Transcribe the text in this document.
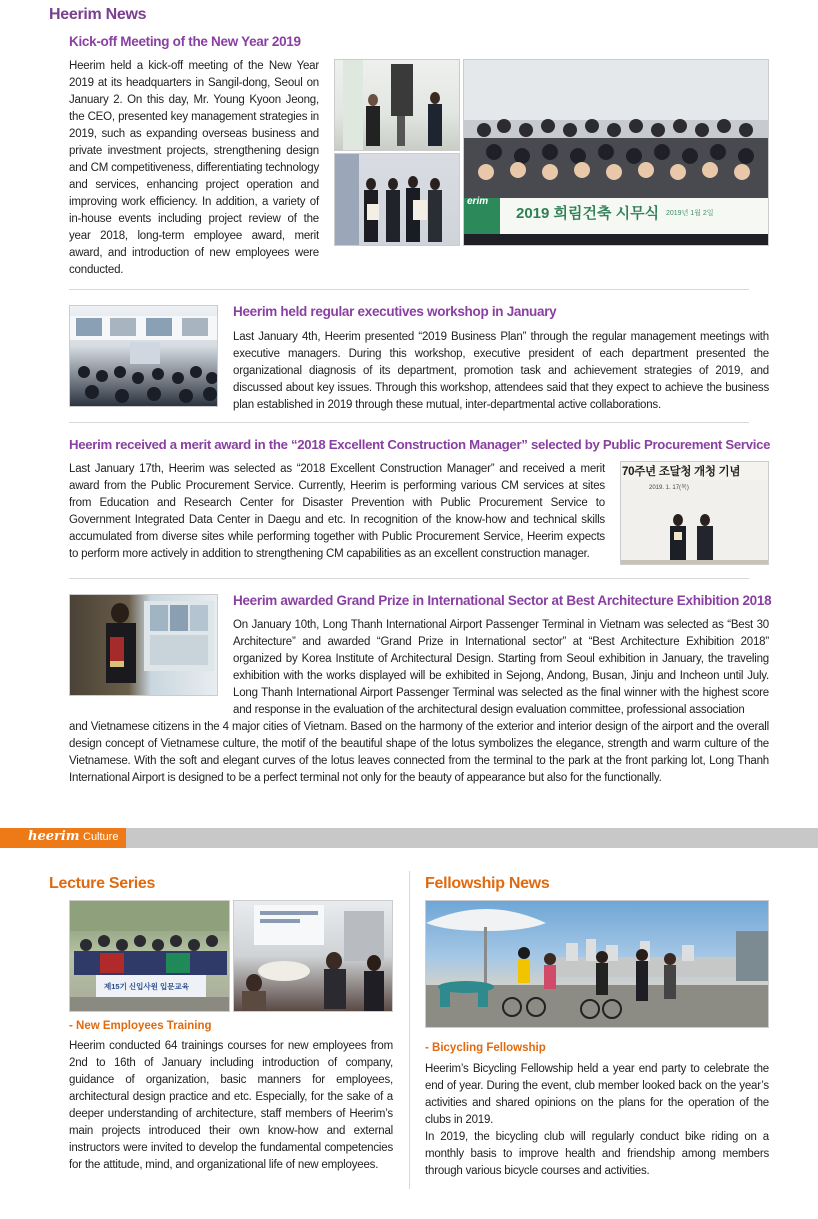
Heerim News
Kick-off Meeting of the New Year 2019
Heerim held a kick-off meeting of the New Year 2019 at its headquarters in Sangil-dong, Seoul on January 2. On this day, Mr. Young Kyoon Jeong, the CEO, presented key management strategies in 2019, such as expanding overseas business and private investment projects, strengthening design and CM competitiveness, differentiating technology and services, enhancing project operation and improving work efficiency. In addition, a variety of in-house events including project review of the year 2018, long-term employee award, merit award, and introduction of new employees were conducted.
erim
2019 희림건축 시무식 2019년 1월 2일
Heerim held regular executives workshop in January
Last January 4th, Heerim presented “2019 Business Plan” through the regular management meetings with executive managers. During this workshop, executive president of each department presented the organizational diagnosis of its department, promotion task and achievement strategies of 2019, and discussed about key issues. Through this workshop, attendees said that they expect to achieve the business plan established in 2019 through these mutual, inter-departmental active collaborations.
Heerim received a merit award in the “2018 Excellent Construction Manager” selected by Public Procurement Service
Last January 17th, Heerim was selected as “2018 Excellent Construction Manager” and received a merit award from the Public Procurement Service. Currently, Heerim is performing various CM services at sites from Education and Research Center for Disaster Prevention with Public Procurement Service to Government Integrated Data Center in Daegu and etc. In recognition of the know-how and technical skills accumulated from diverse sites while performing together with Public Procurement Service, Heerim expects to perform more actively in addition to strengthening CM capabilities as an excellent construction manager.
70주년 조달청 개청 기념
2019. 1. 17(목)
Heerim awarded Grand Prize in International Sector at Best Architecture Exhibition 2018
On January 10th, Long Thanh International Airport Passenger Terminal in Vietnam was selected as “Best 30 Architecture” and awarded “Grand Prize in International sector” at “Best Architecture Exhibition 2018” organized by Korea Institute of Architectural Design. Starting from Seoul exhibition in January, the traveling exhibition with the works displayed will be exhibited in Sejong, Andong, Busan, Jinju and Incheon until July. Long Thanh International Airport Passenger Terminal was selected as the final winner with the highest score and response in the evaluation of the architectural design evaluation committee, professional association
and Vietnamese citizens in the 4 major cities of Vietnam. Based on the harmony of the exterior and interior design of the airport and the overall design concept of Vietnamese culture, the motif of the beautiful shape of the lotus symbolizes the elegance, strength and warm culture of the Vietnamese. With the soft and elegant curves of the lotus leaves connected from the terminal to the park at the front parking lot, Long Thanh International Airport is designed to be a perfect terminal not only for the beauty of appearance but also for the functionally.
heerim Culture
Lecture Series
제15기 신입사원 입문교육
- New Employees Training
Heerim conducted 64 trainings courses for new employees from 2nd to 16th of January including introduction of company, guidance of organization, basic manners for employees, architectural design practice and etc. Especially, for the sake of a deeper understanding of architecture, staff members of Heerim’s main projects introduced their own know-how and external instructors were invited to develop the fundamental competencies for the attitude, mind, and organizational life of new employees.
Fellowship News
- Bicycling Fellowship
Heerim’s Bicycling Fellowship held a year end party to celebrate the end of year. During the event, club member looked back on the year’s activities and shared opinions on the plans for the operation of the clubs in 2019.
In 2019, the bicycling club will regularly conduct bike riding on a monthly basis to improve health and friendship among members through various bicycle courses and activities.
